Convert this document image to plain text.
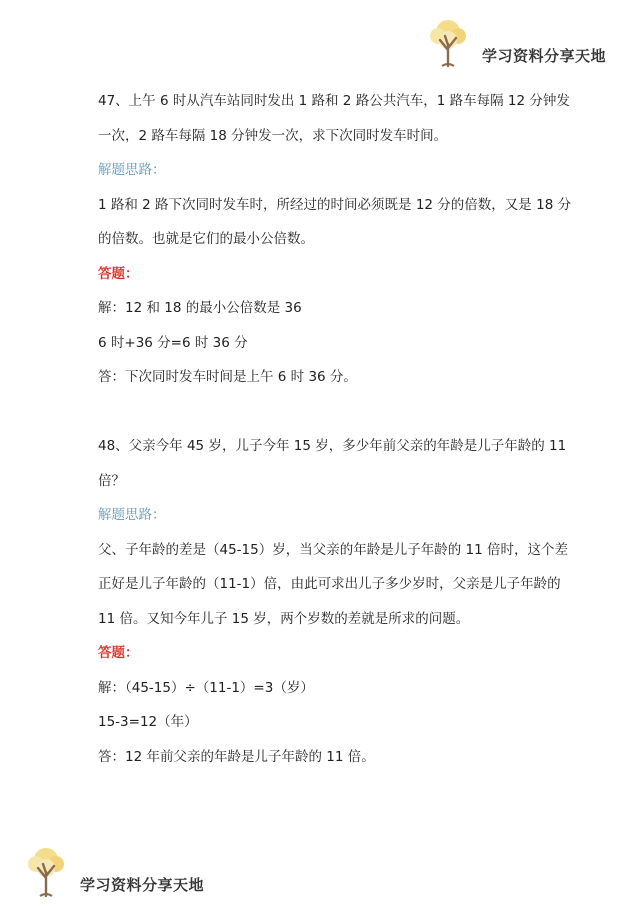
学习资料分享天地
47、上午 6 时从汽车站同时发出 1 路和 2 路公共汽车，1 路车每隔 12 分钟发
一次，2 路车每隔 18 分钟发一次，求下次同时发车时间。
解题思路：
1 路和 2 路下次同时发车时，所经过的时间必须既是 12 分的倍数，又是 18 分
的倍数。也就是它们的最小公倍数。
答题：
解：12 和 18 的最小公倍数是 36
6 时+36 分=6 时 36 分
答：下次同时发车时间是上午 6 时 36 分。
48、父亲今年 45 岁，儿子今年 15 岁，多少年前父亲的年龄是儿子年龄的 11
倍？
解题思路：
父、子年龄的差是（45-15）岁，当父亲的年龄是儿子年龄的 11 倍时，这个差
正好是儿子年龄的（11-1）倍，由此可求出儿子多少岁时，父亲是儿子年龄的
11 倍。又知今年儿子 15 岁，两个岁数的差就是所求的问题。
答题：
解：（45-15）÷（11-1）=3（岁）
15-3=12（年）
答：12 年前父亲的年龄是儿子年龄的 11 倍。
学习资料分享天地
